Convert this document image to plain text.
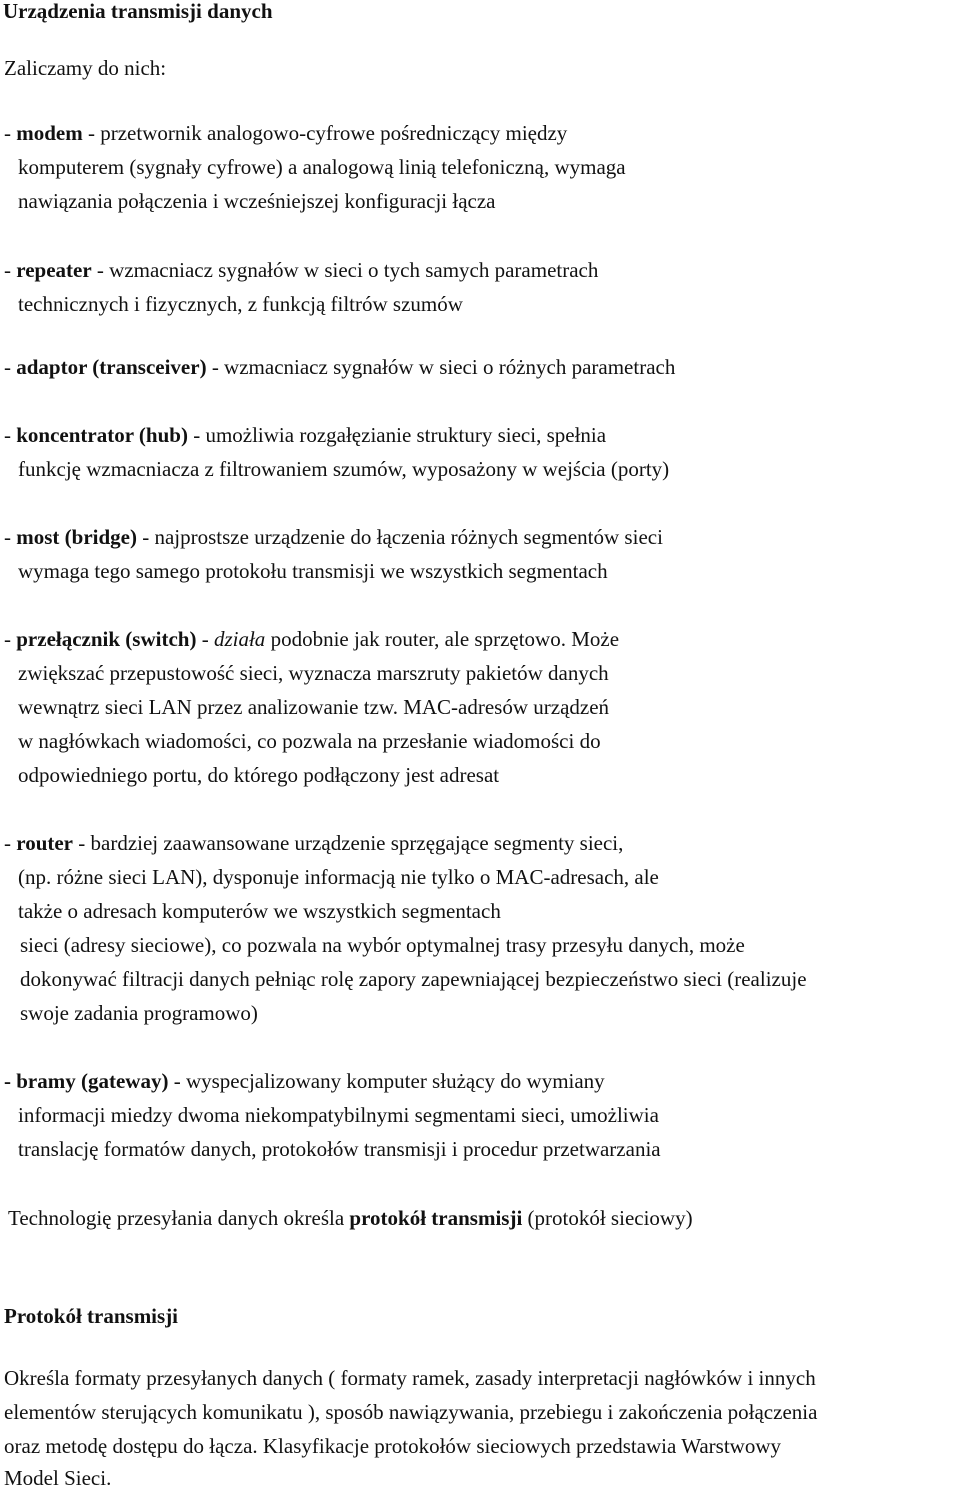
Urządzenia transmisji danych
Zaliczamy do nich:
- modem - przetwornik analogowo-cyfrowe pośredniczący między
komputerem (sygnały cyfrowe) a analogową linią telefoniczną, wymaga
nawiązania połączenia i wcześniejszej konfiguracji łącza
- repeater - wzmacniacz sygnałów w sieci o tych samych parametrach
technicznych i fizycznych, z funkcją filtrów szumów
- adaptor (transceiver) - wzmacniacz sygnałów w sieci o różnych parametrach
- koncentrator (hub) - umożliwia rozgałęzianie struktury sieci, spełnia
funkcję wzmacniacza z filtrowaniem szumów, wyposażony w wejścia (porty)
- most (bridge) - najprostsze urządzenie do łączenia różnych segmentów sieci
wymaga tego samego protokołu transmisji we wszystkich segmentach
- przełącznik (switch) - działa podobnie jak router, ale sprzętowo. Może
zwiększać przepustowość sieci, wyznacza marszruty pakietów danych
wewnątrz sieci LAN przez analizowanie tzw. MAC-adresów urządzeń
w nagłówkach wiadomości, co pozwala na przesłanie wiadomości do
odpowiedniego portu, do którego podłączony jest adresat
- router - bardziej zaawansowane urządzenie sprzęgające segmenty sieci,
(np. różne sieci LAN), dysponuje informacją nie tylko o MAC-adresach, ale
także o adresach komputerów we wszystkich segmentach
sieci (adresy sieciowe), co pozwala na wybór optymalnej trasy przesyłu danych, może
dokonywać filtracji danych pełniąc rolę zapory zapewniającej bezpieczeństwo sieci (realizuje
swoje zadania programowo)
- bramy (gateway) - wyspecjalizowany komputer służący do wymiany
informacji miedzy dwoma niekompatybilnymi segmentami sieci, umożliwia
translację formatów danych, protokołów transmisji i procedur przetwarzania
Technologię przesyłania danych określa protokół transmisji (protokół sieciowy)
Protokół transmisji
Określa formaty przesyłanych danych ( formaty ramek, zasady interpretacji nagłówków i innych
elementów sterujących komunikatu ), sposób nawiązywania, przebiegu i zakończenia połączenia
oraz metodę dostępu do łącza. Klasyfikacje protokołów sieciowych przedstawia Warstwowy
Model Sieci.
